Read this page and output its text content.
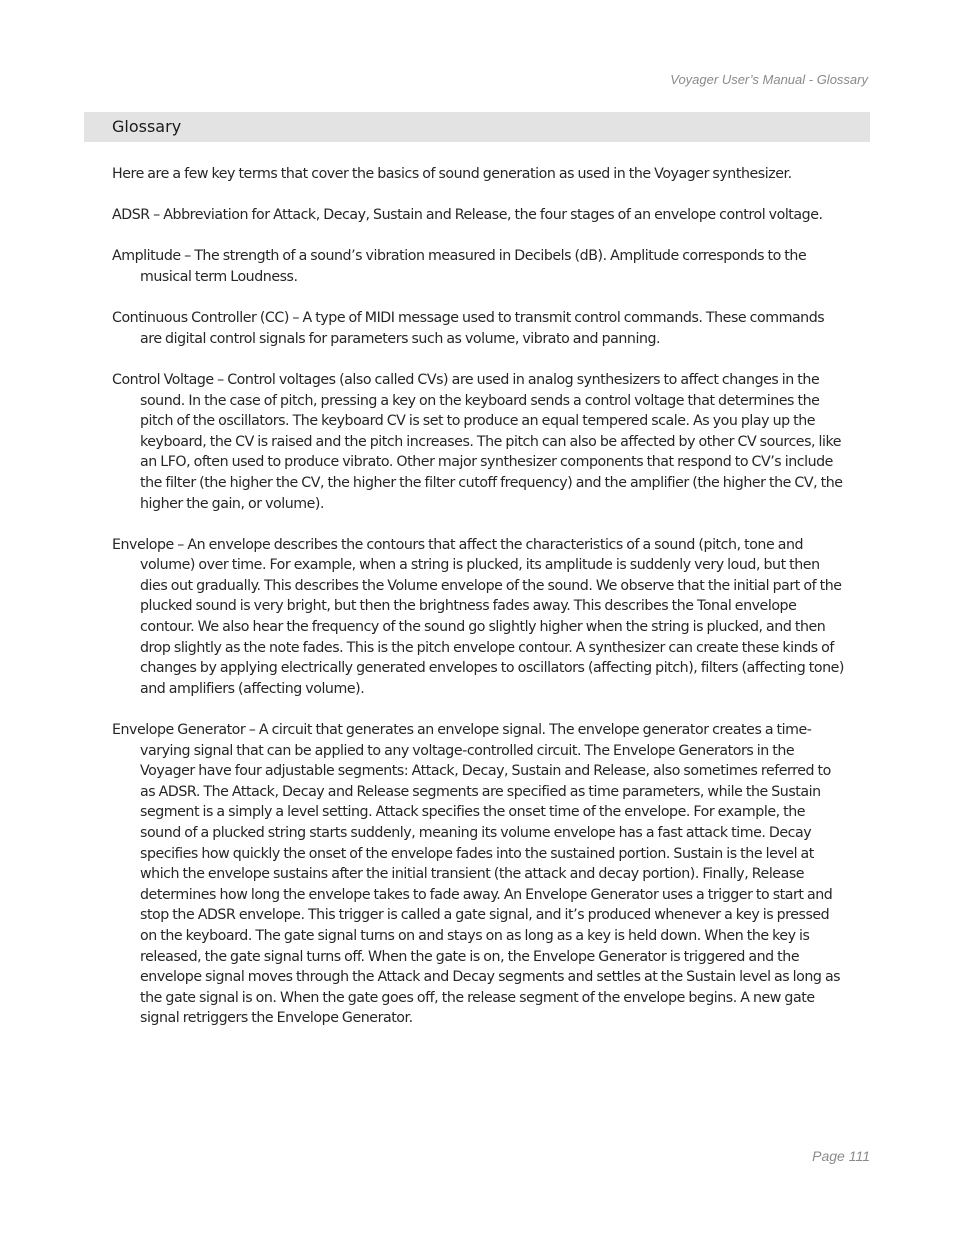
Voyager User’s Manual - Glossary
Glossary

Here are a few key terms that cover the basics of sound generation as used in the Voyager synthesizer.

ADSR – Abbreviation for Attack, Decay, Sustain and Release, the four stages of an envelope control voltage.

Amplitude – The strength of a sound’s vibration measured in Decibels (dB). Amplitude corresponds to the musical term Loudness.

Continuous Controller (CC) – A type of MIDI message used to transmit control commands. These commands are digital control signals for parameters such as volume, vibrato and panning.

Control Voltage – Control voltages (also called CVs) are used in analog synthesizers to affect changes in the sound. In the case of pitch, pressing a key on the keyboard sends a control voltage that determines the pitch of the oscillators. The keyboard CV is set to produce an equal tempered scale. As you play up the keyboard, the CV is raised and the pitch increases. The pitch can also be affected by other CV sources, like an LFO, often used to produce vibrato. Other major synthesizer components that respond to CV’s include the filter (the higher the CV, the higher the filter cutoff frequency) and the amplifier (the higher the CV, the higher the gain, or volume).

Envelope – An envelope describes the contours that affect the characteristics of a sound (pitch, tone and volume) over time. For example, when a string is plucked, its amplitude is suddenly very loud, but then dies out gradually. This describes the Volume envelope of the sound. We observe that the initial part of the plucked sound is very bright, but then the brightness fades away. This describes the Tonal envelope contour. We also hear the frequency of the sound go slightly higher when the string is plucked, and then drop slightly as the note fades. This is the pitch envelope contour. A synthesizer can create these kinds of changes by applying electrically generated envelopes to oscillators (affecting pitch), filters (affecting tone) and amplifiers (affecting volume).

Envelope Generator – A circuit that generates an envelope signal. The envelope generator creates a time-varying signal that can be applied to any voltage-controlled circuit. The Envelope Generators in the Voyager have four adjustable segments: Attack, Decay, Sustain and Release, also sometimes referred to as ADSR. The Attack, Decay and Release segments are specified as time parameters, while the Sustain segment is a simply a level setting. Attack specifies the onset time of the envelope. For example, the sound of a plucked string starts suddenly, meaning its volume envelope has a fast attack time. Decay specifies how quickly the onset of the envelope fades into the sustained portion. Sustain is the level at which the envelope sustains after the initial transient (the attack and decay portion). Finally, Release determines how long the envelope takes to fade away. An Envelope Generator uses a trigger to start and stop the ADSR envelope. This trigger is called a gate signal, and it’s produced whenever a key is pressed on the keyboard. The gate signal turns on and stays on as long as a key is held down. When the key is released, the gate signal turns off. When the gate is on, the Envelope Generator is triggered and the envelope signal moves through the Attack and Decay segments and settles at the Sustain level as long as the gate signal is on. When the gate goes off, the release segment of the envelope begins. A new gate signal retriggers the Envelope Generator.

Page 111
